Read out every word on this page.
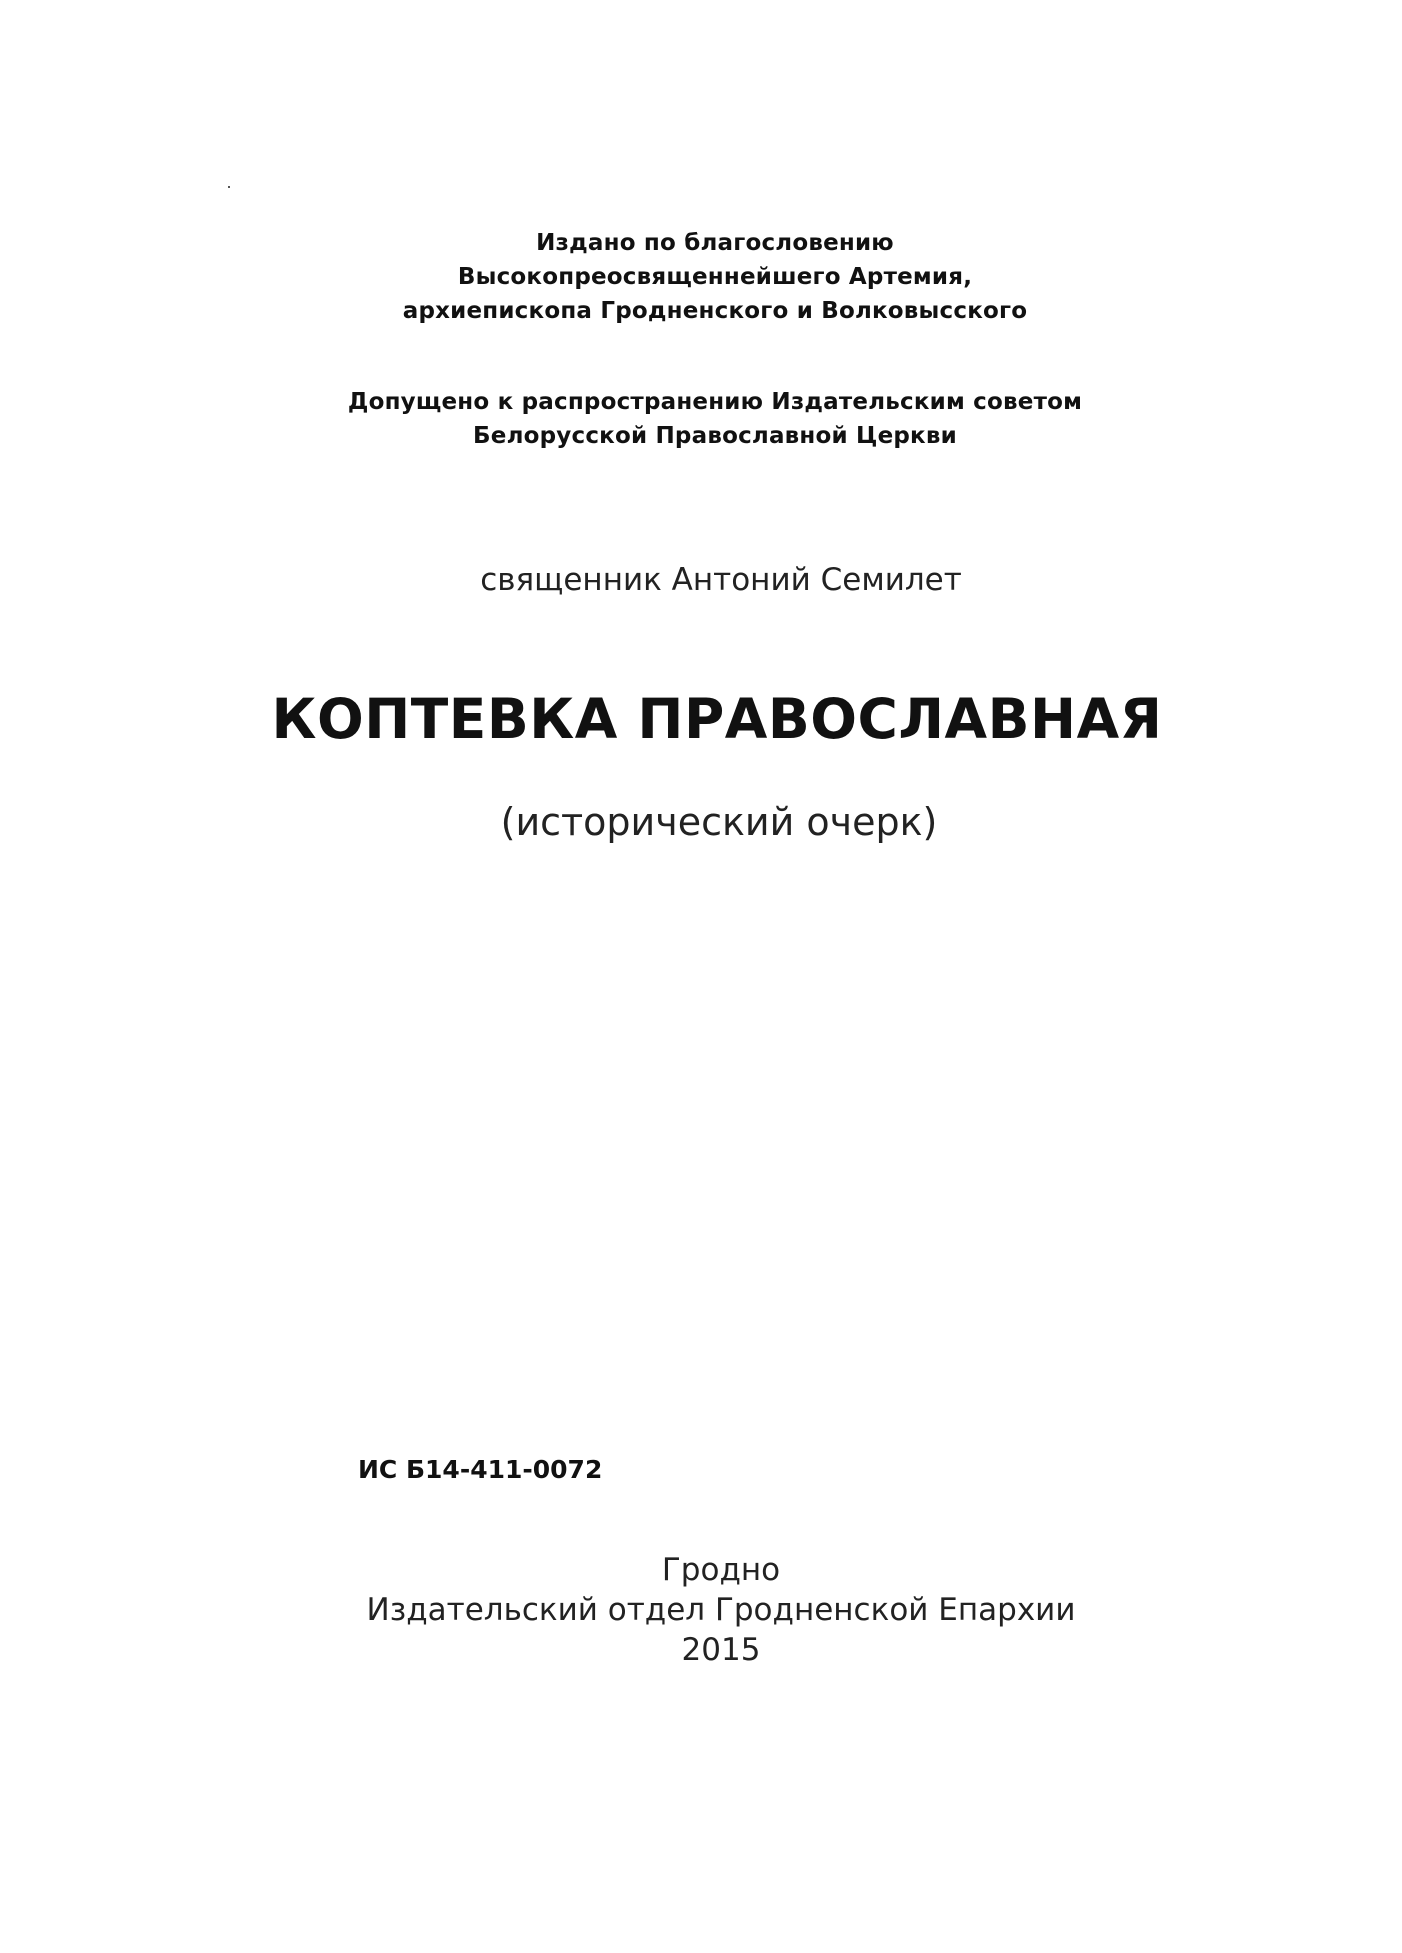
Издано по благословению
Высокопреосвященнейшего Артемия,
архиепископа Гродненского и Волковысского
Допущено к распространению Издательским советом
Белорусской Православной Церкви
священник Антоний Семилет
КОПТЕВКА ПРАВОСЛАВНАЯ
(исторический очерк)
ИС Б14-411-0072
Гродно
Издательский отдел Гродненской Епархии
2015
